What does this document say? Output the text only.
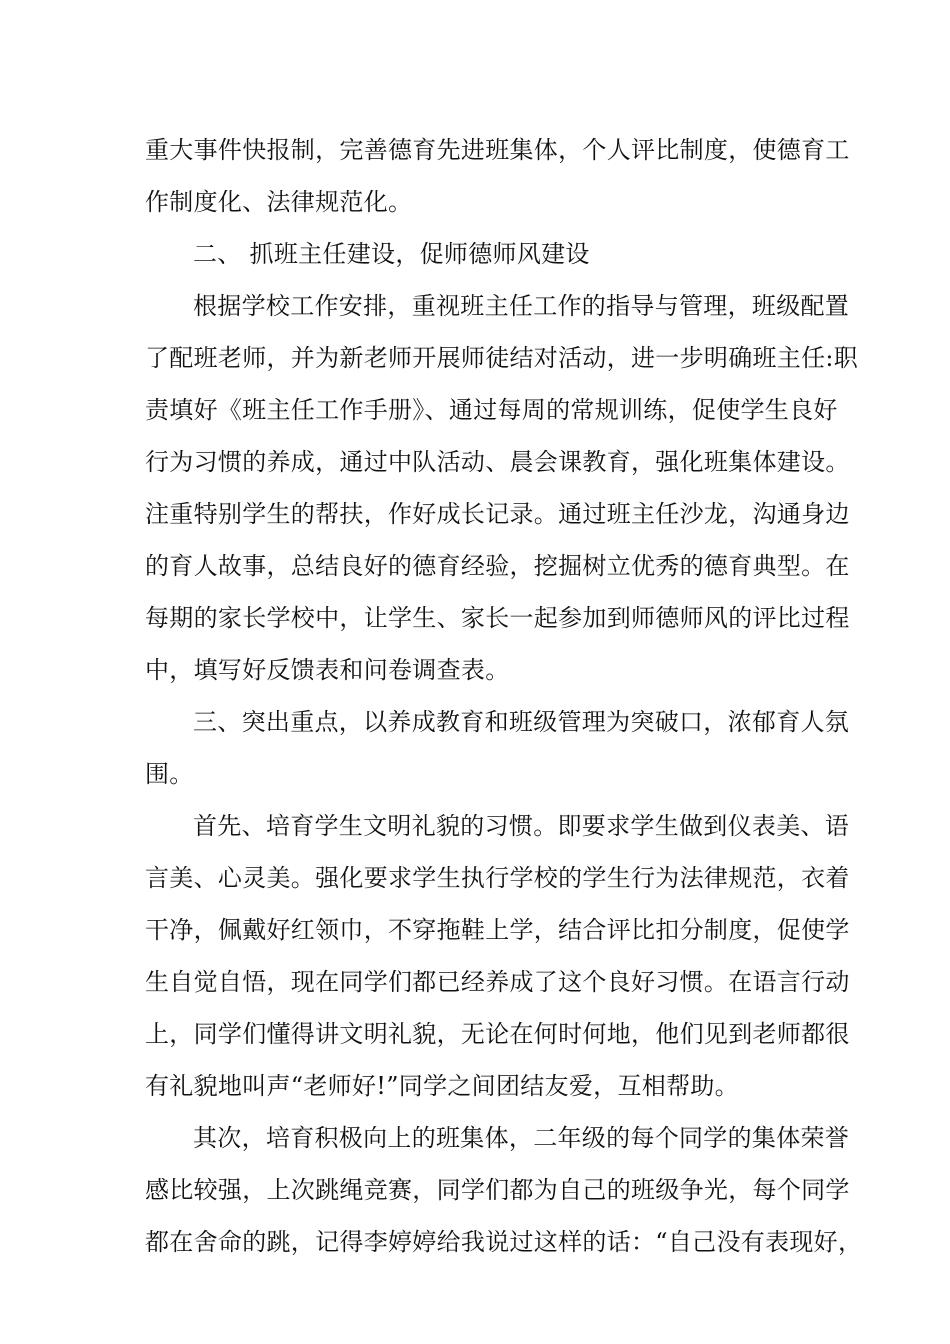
重大事件快报制，完善德育先进班集体，个人评比制度，使德育工
作制度化、法律规范化。
二、 抓班主任建设，促师德师风建设
根据学校工作安排，重视班主任工作的指导与管理，班级配置
了配班老师，并为新老师开展师徒结对活动，进一步明确班主任:职
责填好《班主任工作手册》、通过每周的常规训练，促使学生良好
行为习惯的养成，通过中队活动、晨会课教育，强化班集体建设。
注重特别学生的帮扶，作好成长记录。通过班主任沙龙，沟通身边
的育人故事，总结良好的德育经验，挖掘树立优秀的德育典型。在
每期的家长学校中，让学生、家长一起参加到师德师风的评比过程
中，填写好反馈表和问卷调查表。
三、突出重点，以养成教育和班级管理为突破口，浓郁育人氛
围。
首先、培育学生文明礼貌的习惯。即要求学生做到仪表美、语
言美、心灵美。强化要求学生执行学校的学生行为法律规范，衣着
干净，佩戴好红领巾，不穿拖鞋上学，结合评比扣分制度，促使学
生自觉自悟，现在同学们都已经养成了这个良好习惯。在语言行动
上，同学们懂得讲文明礼貌，无论在何时何地，他们见到老师都很
有礼貌地叫声“老师好!”同学之间团结友爱，互相帮助。
其次，培育积极向上的班集体，二年级的每个同学的集体荣誉
感比较强，上次跳绳竞赛，同学们都为自己的班级争光，每个同学
都在舍命的跳，记得李婷婷给我说过这样的话：“自己没有表现好，
